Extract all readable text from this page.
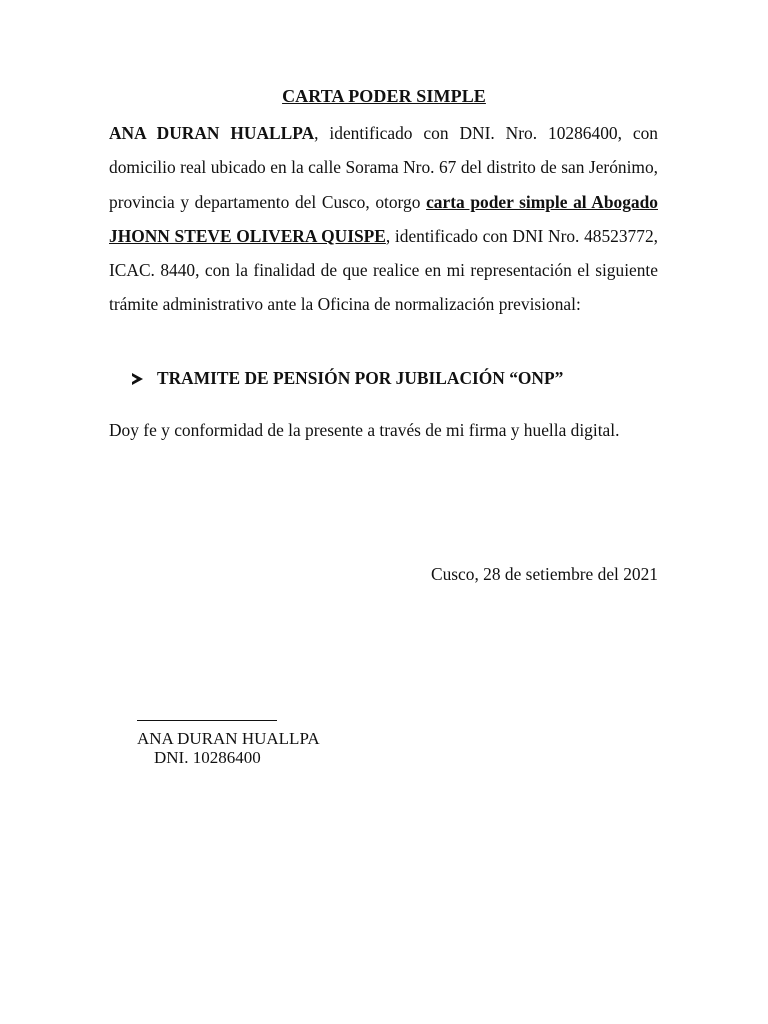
CARTA PODER SIMPLE

ANA DURAN HUALLPA, identificado con DNI. Nro. 10286400, con domicilio real ubicado en la calle Sorama Nro. 67 del distrito de san Jerónimo, provincia y departamento del Cusco, otorgo carta poder simple al Abogado JHONN STEVE OLIVERA QUISPE, identificado con DNI Nro. 48523772, ICAC. 8440, con la finalidad de que realice en mi representación el siguiente trámite administrativo ante la Oficina de normalización previsional:

TRAMITE DE PENSIÓN POR JUBILACIÓN “ONP”

Doy fe y conformidad de la presente a través de mi firma y huella digital.

Cusco, 28 de setiembre del 2021
ANA DURAN HUALLPA
DNI. 10286400
